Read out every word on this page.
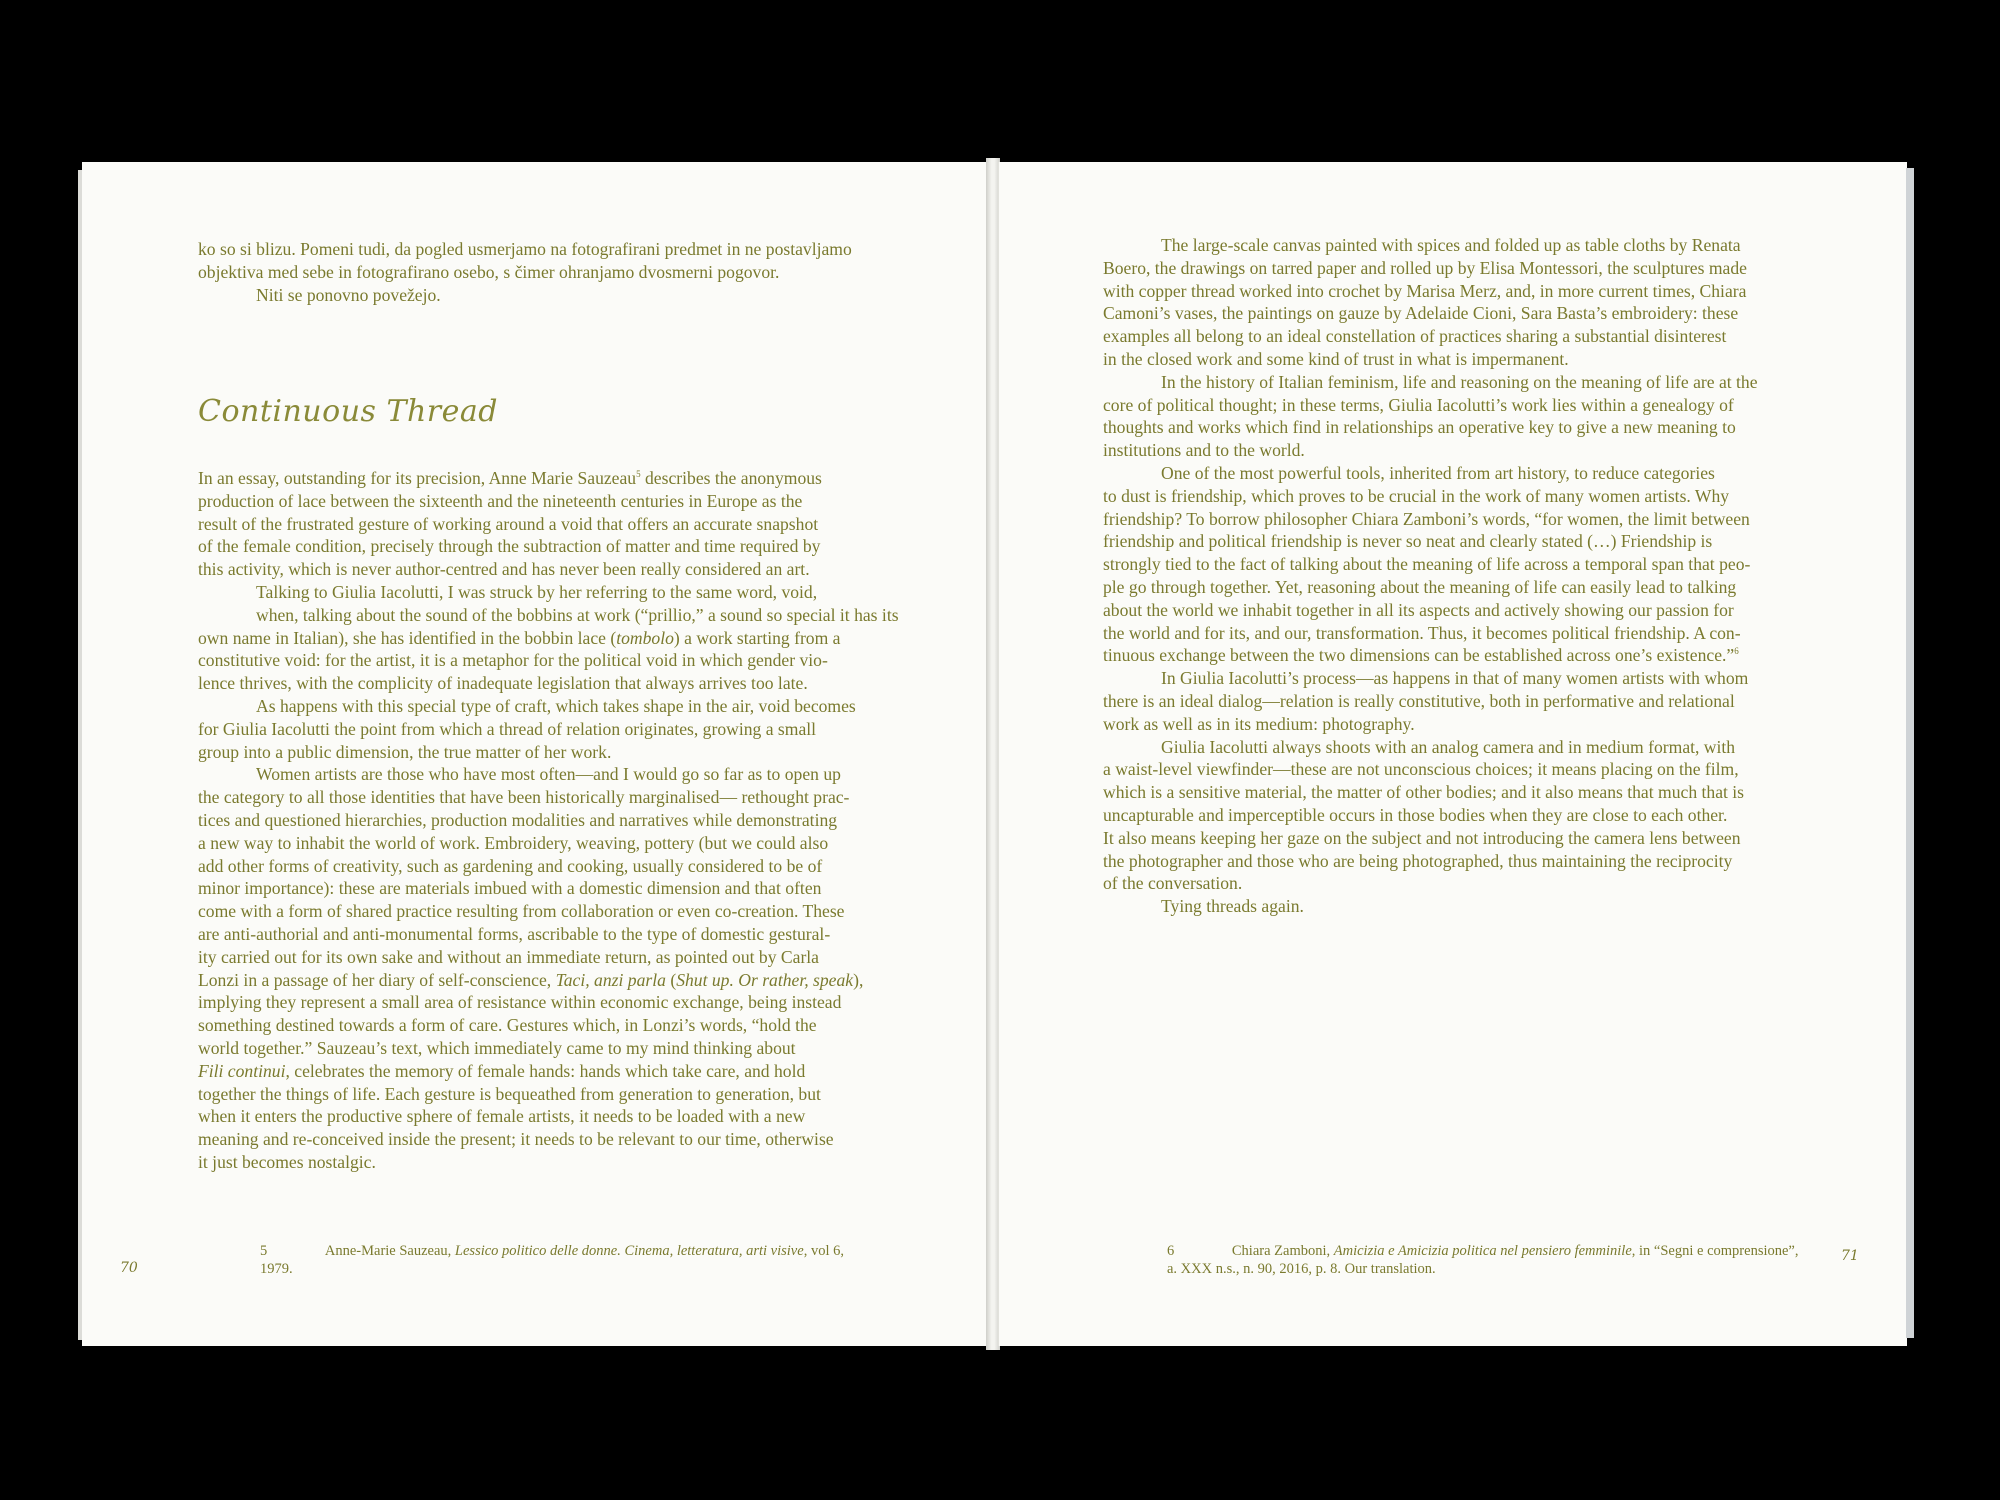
ko so si blizu. Pomeni tudi, da pogled usmerjamo na fotografirani predmet in ne postavljamo
objektiva med sebe in fotografirano osebo, s čimer ohranjamo dvosmerni pogovor.
Niti se ponovno povežejo.
Continuous Thread
In an essay, outstanding for its precision, Anne Marie Sauzeau$^5$ describes the anonymous
production of lace between the sixteenth and the nineteenth centuries in Europe as the
result of the frustrated gesture of working around a void that offers an accurate snapshot
of the female condition, precisely through the subtraction of matter and time required by
this activity, which is never author-centred and has never been really considered an art.
Talking to Giulia Iacolutti, I was struck by her referring to the same word, void,
when, talking about the sound of the bobbins at work (“prillio,” a sound so special it has its
own name in Italian), she has identified in the bobbin lace (tombolo) a work starting from a
constitutive void: for the artist, it is a metaphor for the political void in which gender vio-
lence thrives, with the complicity of inadequate legislation that always arrives too late.
As happens with this special type of craft, which takes shape in the air, void becomes
for Giulia Iacolutti the point from which a thread of relation originates, growing a small
group into a public dimension, the true matter of her work.
Women artists are those who have most often—and I would go so far as to open up
the category to all those identities that have been historically marginalised— rethought prac-
tices and questioned hierarchies, production modalities and narratives while demonstrating
a new way to inhabit the world of work. Embroidery, weaving, pottery (but we could also
add other forms of creativity, such as gardening and cooking, usually considered to be of
minor importance): these are materials imbued with a domestic dimension and that often
come with a form of shared practice resulting from collaboration or even co-creation. These
are anti-authorial and anti-monumental forms, ascribable to the type of domestic gestural-
ity carried out for its own sake and without an immediate return, as pointed out by Carla
Lonzi in a passage of her diary of self-conscience, Taci, anzi parla (Shut up. Or rather, speak),
implying they represent a small area of resistance within economic exchange, being instead
something destined towards a form of care. Gestures which, in Lonzi’s words, “hold the
world together.” Sauzeau’s text, which immediately came to my mind thinking about
Fili continui, celebrates the memory of female hands: hands which take care, and hold
together the things of life. Each gesture is bequeathed from generation to generation, but
when it enters the productive sphere of female artists, it needs to be loaded with a new
meaning and re-conceived inside the present; it needs to be relevant to our time, otherwise
it just becomes nostalgic.
5	Anne-Marie Sauzeau, Lessico politico delle donne. Cinema, letteratura, arti visive, vol 6,
1979.
70
The large-scale canvas painted with spices and folded up as table cloths by Renata
Boero, the drawings on tarred paper and rolled up by Elisa Montessori, the sculptures made
with copper thread worked into crochet by Marisa Merz, and, in more current times, Chiara
Camoni’s vases, the paintings on gauze by Adelaide Cioni, Sara Basta’s embroidery: these
examples all belong to an ideal constellation of practices sharing a substantial disinterest
in the closed work and some kind of trust in what is impermanent.
In the history of Italian feminism, life and reasoning on the meaning of life are at the
core of political thought; in these terms, Giulia Iacolutti’s work lies within a genealogy of
thoughts and works which find in relationships an operative key to give a new meaning to
institutions and to the world.
One of the most powerful tools, inherited from art history, to reduce categories
to dust is friendship, which proves to be crucial in the work of many women artists. Why
friendship? To borrow philosopher Chiara Zamboni’s words, “for women, the limit between
friendship and political friendship is never so neat and clearly stated (…) Friendship is
strongly tied to the fact of talking about the meaning of life across a temporal span that peo-
ple go through together. Yet, reasoning about the meaning of life can easily lead to talking
about the world we inhabit together in all its aspects and actively showing our passion for
the world and for its, and our, transformation. Thus, it becomes political friendship. A con-
tinuous exchange between the two dimensions can be established across one’s existence.”$^6$
In Giulia Iacolutti’s process—as happens in that of many women artists with whom
there is an ideal dialog—relation is really constitutive, both in performative and relational
work as well as in its medium: photography.
Giulia Iacolutti always shoots with an analog camera and in medium format, with
a waist-level viewfinder—these are not unconscious choices; it means placing on the film,
which is a sensitive material, the matter of other bodies; and it also means that much that is
uncapturable and imperceptible occurs in those bodies when they are close to each other.
It also means keeping her gaze on the subject and not introducing the camera lens between
the photographer and those who are being photographed, thus maintaining the reciprocity
of the conversation.
Tying threads again.
6	Chiara Zamboni, Amicizia e Amicizia politica nel pensiero femminile, in “Segni e comprensione”,
a. XXX n.s., n. 90, 2016, p. 8. Our translation.
71
